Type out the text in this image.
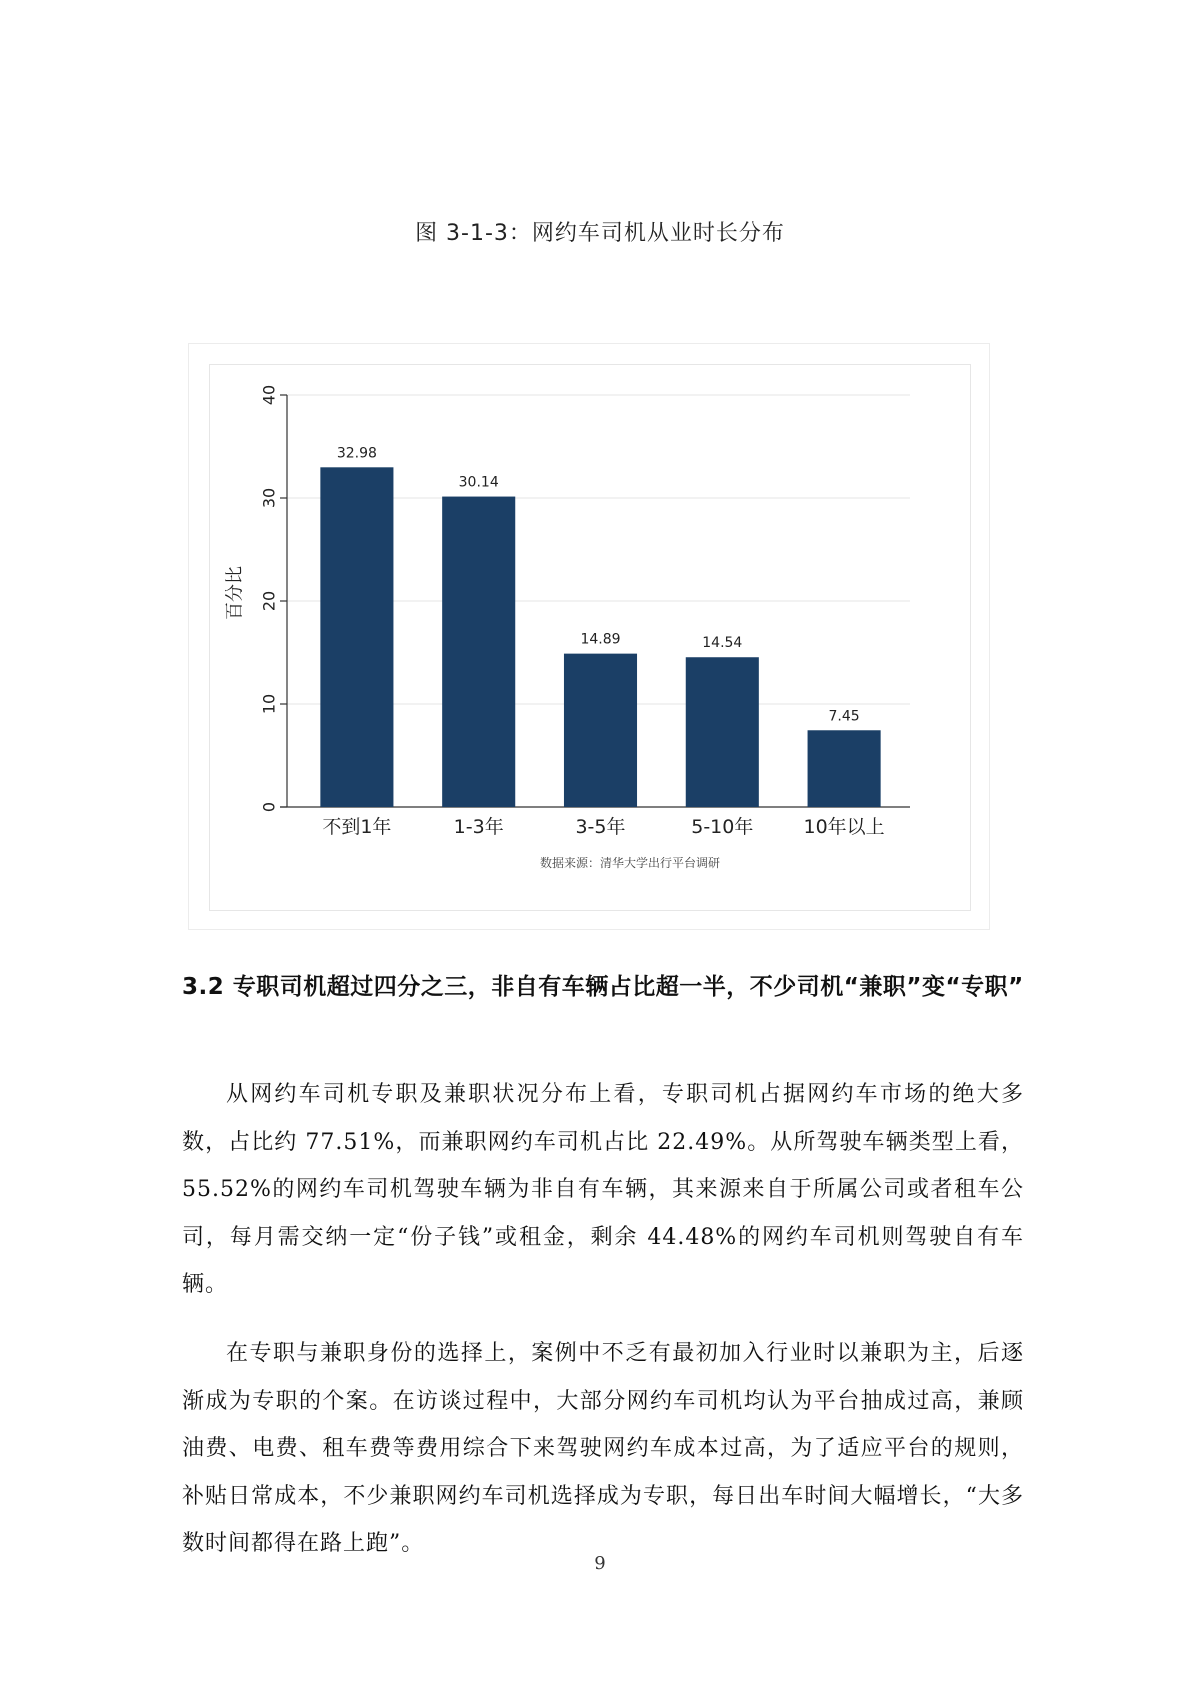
图 3-1-3：网约车司机从业时长分布
0
10
20
30
40
百分比
32.98
不到1年
30.14
1-3年
14.89
3-5年
14.54
5-10年
7.45
10年以上
数据来源：清华大学出行平台调研
3.2 专职司机超过四分之三，非自有车辆占比超一半，不少司机“兼职”变“专职”

从网约车司机专职及兼职状况分布上看，专职司机占据网约车市场的绝大多数，占比约 77.51%，而兼职网约车司机占比 22.49%。从所驾驶车辆类型上看，55.52%的网约车司机驾驶车辆为非自有车辆，其来源来自于所属公司或者租车公司，每月需交纳一定“份子钱”或租金，剩余 44.48%的网约车司机则驾驶自有车辆。

在专职与兼职身份的选择上，案例中不乏有最初加入行业时以兼职为主，后逐渐成为专职的个案。在访谈过程中，大部分网约车司机均认为平台抽成过高，兼顾油费、电费、租车费等费用综合下来驾驶网约车成本过高，为了适应平台的规则，补贴日常成本，不少兼职网约车司机选择成为专职，每日出车时间大幅增长，“大多数时间都得在路上跑”。

9
